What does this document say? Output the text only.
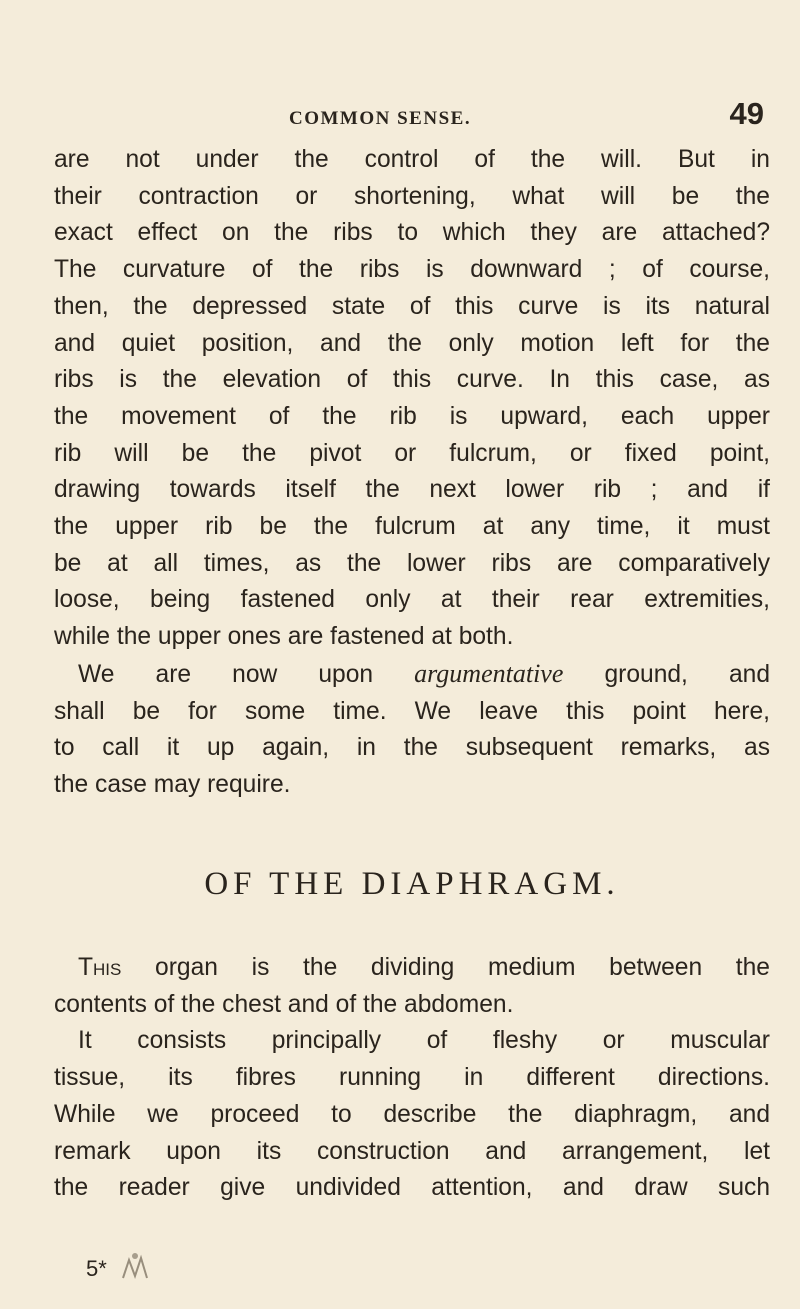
COMMON SENSE.	49

are not under the control of the will. But in

their contraction or shortening, what will be the

exact effect on the ribs to which they are attached?

The curvature of the ribs is downward ; of course,

then, the depressed state of this curve is its natural

and quiet position, and the only motion left for the

ribs is the elevation of this curve. In this case, as

the movement of the rib is upward, each upper

rib will be the pivot or fulcrum, or fixed point,

drawing towards itself the next lower rib ; and if

the upper rib be the fulcrum at any time, it must

be at all times, as the lower ribs are comparatively

loose, being fastened only at their rear extremities,

while the upper ones are fastened at both.

We are now upon argumentative ground, and

shall be for some time. We leave this point here,

to call it up again, in the subsequent remarks, as

the case may require.

OF THE DIAPHRAGM.

This organ is the dividing medium between the

contents of the chest and of the abdomen.

It consists principally of fleshy or muscular

tissue, its fibres running in different directions.

While we proceed to describe the diaphragm, and

remark upon its construction and arrangement, let

the reader give undivided attention, and draw such

5*
